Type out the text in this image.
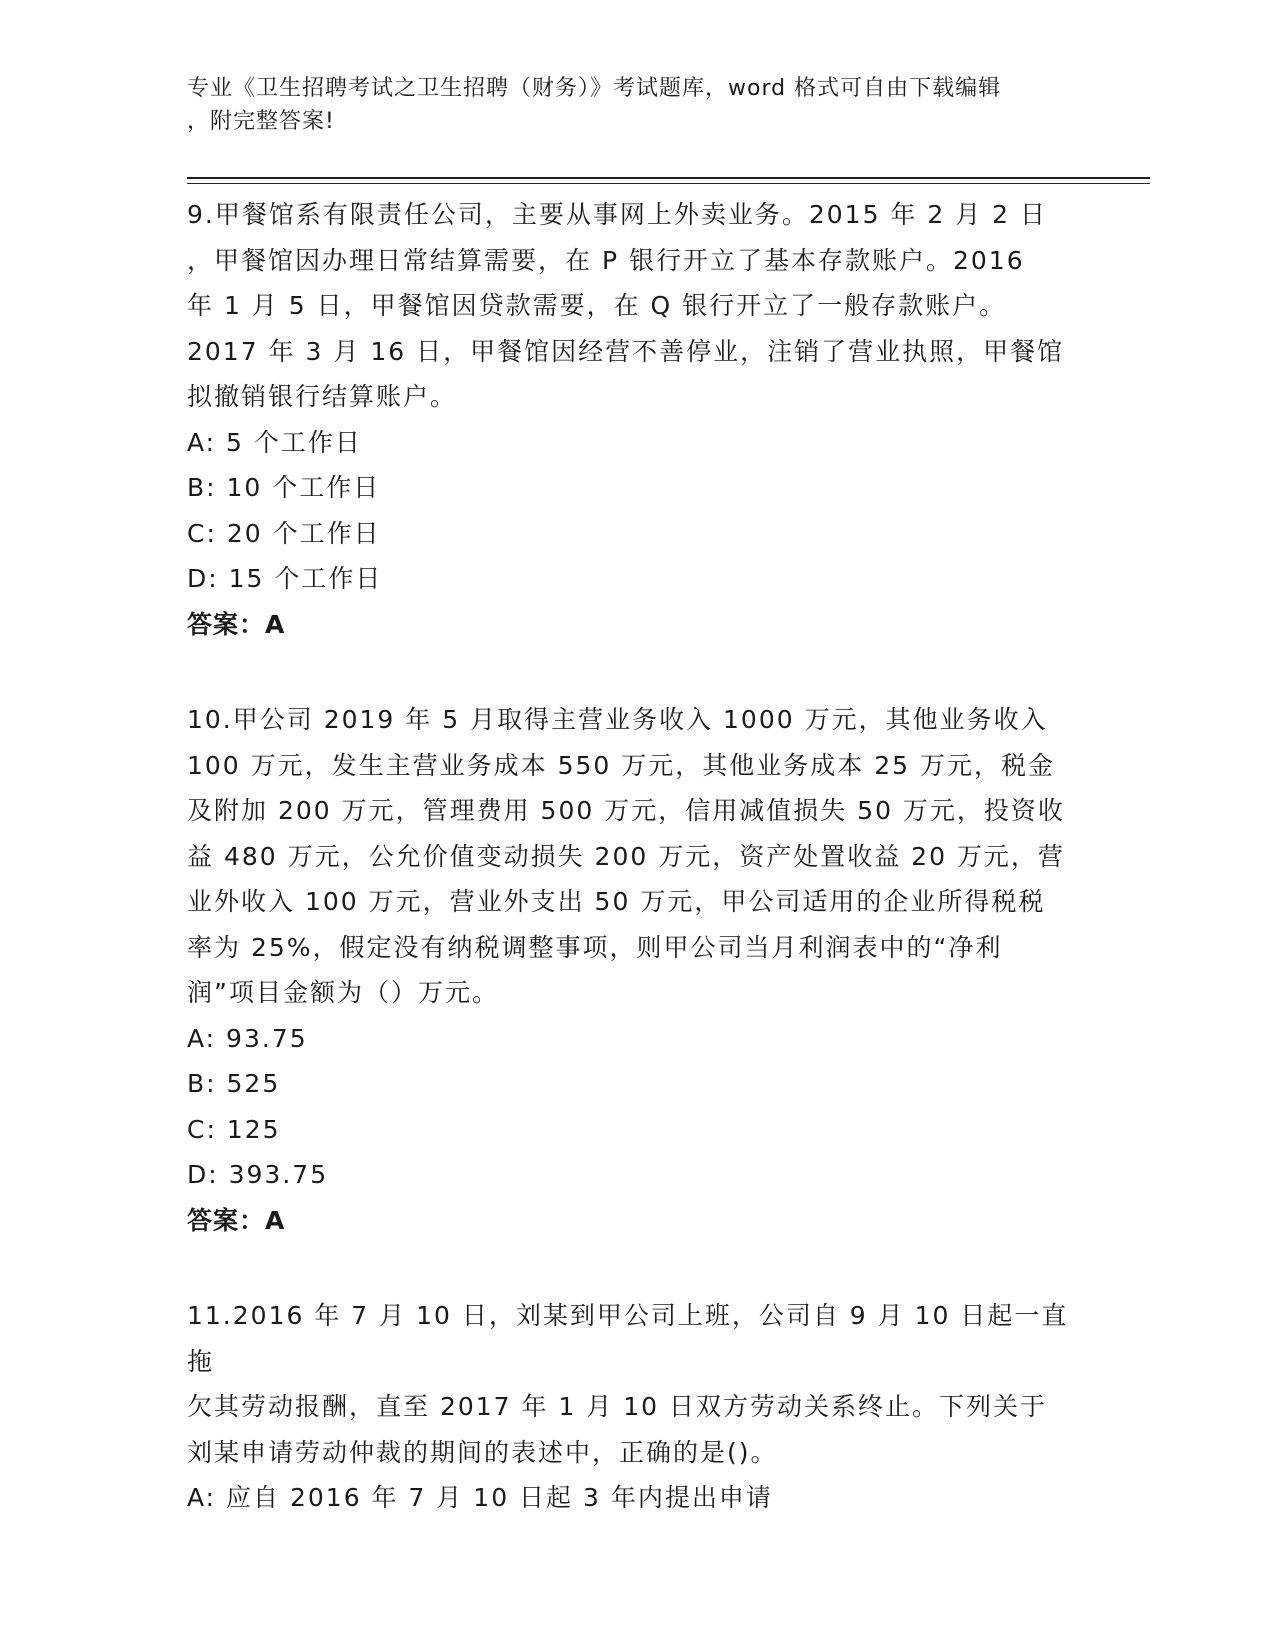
专业《卫生招聘考试之卫生招聘（财务）》考试题库，word 格式可自由下载编辑
，附完整答案!
9.甲餐馆系有限责任公司，主要从事网上外卖业务。2015 年 2 月 2 日
，甲餐馆因办理日常结算需要，在 P 银行开立了基本存款账户。2016
年 1 月 5 日，甲餐馆因贷款需要，在 Q 银行开立了一般存款账户。
2017 年 3 月 16 日，甲餐馆因经营不善停业，注销了营业执照，甲餐馆
拟撤销银行结算账户。
A: 5 个工作日
B: 10 个工作日
C: 20 个工作日
D: 15 个工作日
答案：A
10.甲公司 2019 年 5 月取得主营业务收入 1000 万元，其他业务收入
100 万元，发生主营业务成本 550 万元，其他业务成本 25 万元，税金
及附加 200 万元，管理费用 500 万元，信用减值损失 50 万元，投资收
益 480 万元，公允价值变动损失 200 万元，资产处置收益 20 万元，营
业外收入 100 万元，营业外支出 50 万元，甲公司适用的企业所得税税
率为 25%，假定没有纳税调整事项，则甲公司当月利润表中的“净利
润”项目金额为（）万元。
A: 93.75
B: 525
C: 125
D: 393.75
答案：A
11.2016 年 7 月 10 日，刘某到甲公司上班，公司自 9 月 10 日起一直拖
欠其劳动报酬，直至 2017 年 1 月 10 日双方劳动关系终止。下列关于
刘某申请劳动仲裁的期间的表述中，正确的是()。
A: 应自 2016 年 7 月 10 日起 3 年内提出申请
